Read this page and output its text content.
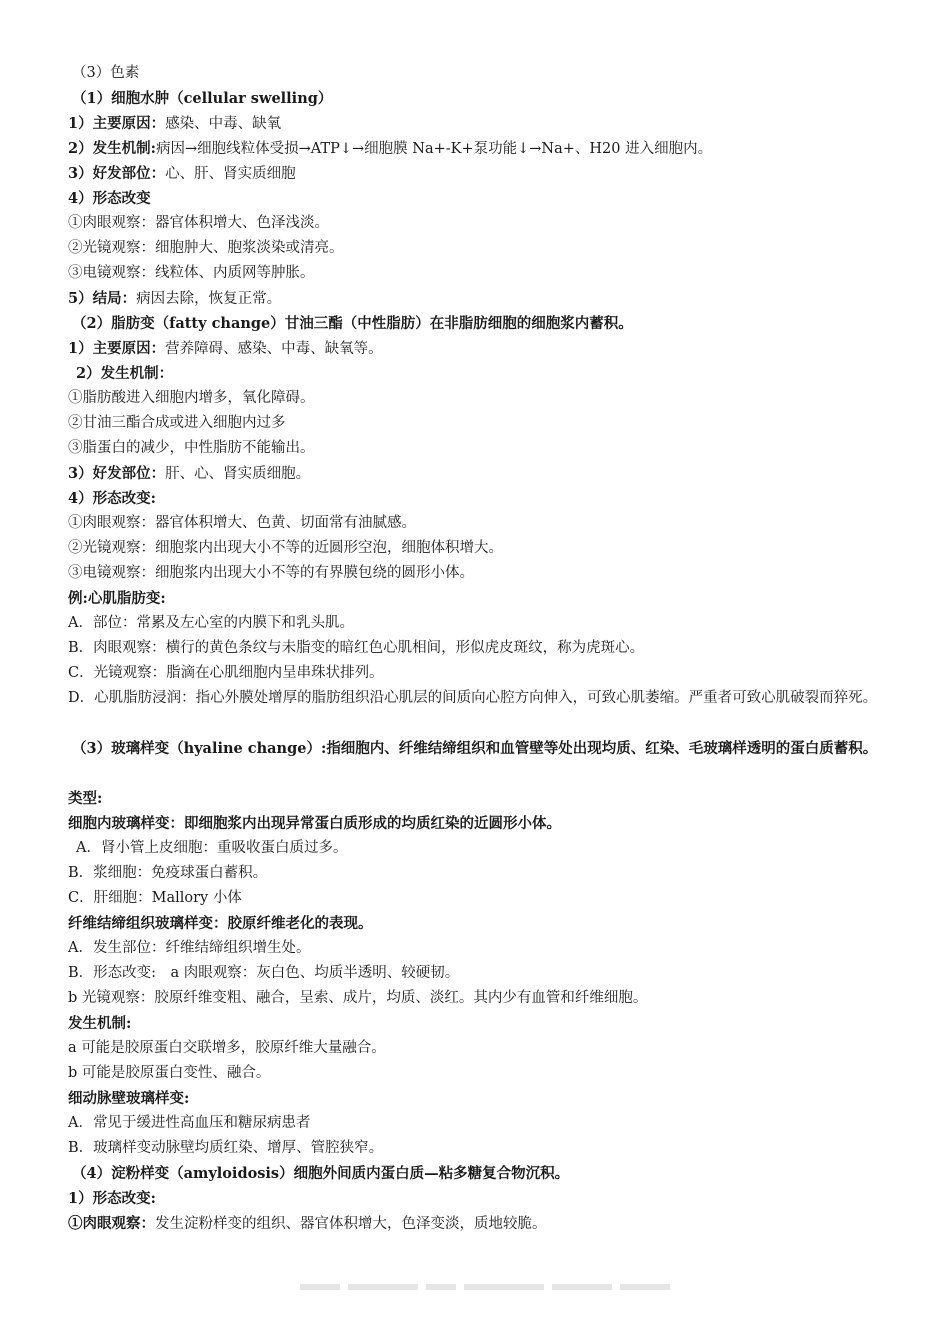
（3）色素
（1）细胞水肿（cellular swelling）
1）主要原因：感染、中毒、缺氧
2）发生机制:病因→细胞线粒体受损→ATP↓→细胞膜 Na+-K+泵功能↓→Na+、H20 进入细胞内。
3）好发部位：心、肝、肾实质细胞
4）形态改变
①肉眼观察：器官体积增大、色泽浅淡。
②光镜观察：细胞肿大、胞浆淡染或清亮。
③电镜观察：线粒体、内质网等肿胀。
5）结局：病因去除，恢复正常。
（2）脂肪变（fatty change）甘油三酯（中性脂肪）在非脂肪细胞的细胞浆内蓄积。
1）主要原因：营养障碍、感染、中毒、缺氧等。
2）发生机制：
①脂肪酸进入细胞内增多，氧化障碍。
②甘油三酯合成或进入细胞内过多
③脂蛋白的减少，中性脂肪不能输出。
3）好发部位：肝、心、肾实质细胞。
4）形态改变:
①肉眼观察：器官体积增大、色黄、切面常有油腻感。
②光镜观察：细胞浆内出现大小不等的近圆形空泡，细胞体积增大。
③电镜观察：细胞浆内出现大小不等的有界膜包绕的圆形小体。
例:心肌脂肪变:
A．部位：常累及左心室的内膜下和乳头肌。
B．肉眼观察：横行的黄色条纹与未脂变的暗红色心肌相间，形似虎皮斑纹，称为虎斑心。
C．光镜观察：脂滴在心肌细胞内呈串珠状排列。
D．心肌脂肪浸润：指心外膜处增厚的脂肪组织沿心肌层的间质向心腔方向伸入，可致心肌萎缩。严重者可致心肌破裂而猝死。
（3）玻璃样变（hyaline change）:指细胞内、纤维结缔组织和血管壁等处出现均质、红染、毛玻璃样透明的蛋白质蓄积。
类型:
细胞内玻璃样变：即细胞浆内出现异常蛋白质形成的均质红染的近圆形小体。
A．肾小管上皮细胞：重吸收蛋白质过多。
B．浆细胞：免疫球蛋白蓄积。
C．肝细胞：Mallory 小体
纤维结缔组织玻璃样变：胶原纤维老化的表现。
A．发生部位：纤维结缔组织增生处。
B．形态改变:　a 肉眼观察：灰白色、均质半透明、较硬韧。
b 光镜观察：胶原纤维变粗、融合，呈索、成片，均质、淡红。其内少有血管和纤维细胞。
发生机制:
a 可能是胶原蛋白交联增多，胶原纤维大量融合。
b 可能是胶原蛋白变性、融合。
细动脉壁玻璃样变:
A．常见于缓进性高血压和糖尿病患者
B．玻璃样变动脉壁均质红染、增厚、管腔狭窄。
（4）淀粉样变（amyloidosis）细胞外间质内蛋白质—粘多糖复合物沉积。
1）形态改变:
①肉眼观察：发生淀粉样变的组织、器官体积增大，色泽变淡，质地较脆。
